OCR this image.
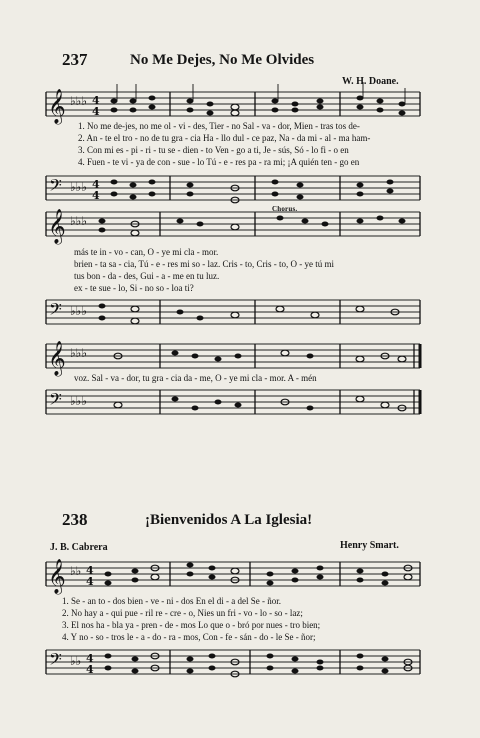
237	No Me Dejes, No Me Olvides
W. H. Doane.
𝄞 ♭♭♭ 4
4
1. No me de-jes, no me ol - vi - des, Tier - no Sal - va - dor, Mien - tras tos de-
2. An - te el tro - no de tu gra - cia Ha - llo dul - ce paz, Na - da mi - al - ma ham-
3. Con mi es - pi - ri - tu se - dien - to Ven - go a ti, Je - sús, Só - lo fi - o en
4. Fuen - te vi - ya de con - sue - lo Tú - e - res pa - ra mi; ¡A quién ten - go en
𝄢 ♭♭♭ 4
4
𝄞 ♭♭♭
Chorus.
más te in - vo - can, O - ye mi cla - mor.
brien - ta sa - cia, Tú - e - res mi so - laz. Cris - to, Cris - to, O - ye tú mi
tus bon - da - des, Gui - a - me en tu luz.
ex - te sue - lo, Si - no so - loa ti?
𝄢 ♭♭♭
𝄞 ♭♭♭
voz. Sal - va - dor, tu gra - cia da - me, O - ye mi cla - mor. A - mén
𝄢 ♭♭♭
238	¡Bienvenidos A La Iglesia!
J. B. Cabrera	Henry Smart.
𝄞 ♭♭ 4
4
1. Se - an to - dos bien - ve - ni - dos En el di - a del Se - ñor.
2. No hay a - qui pue - ril re - cre - o, Nies un fri - vo - lo - so - laz;
3. El nos ha - bla ya - pren - de - mos Lo que o - bró por nues - tro bien;
4. Y no - so - tros le - a - do - ra - mos, Con - fe - sán - do - le Se - ñor;
𝄢 ♭♭ 4
4
